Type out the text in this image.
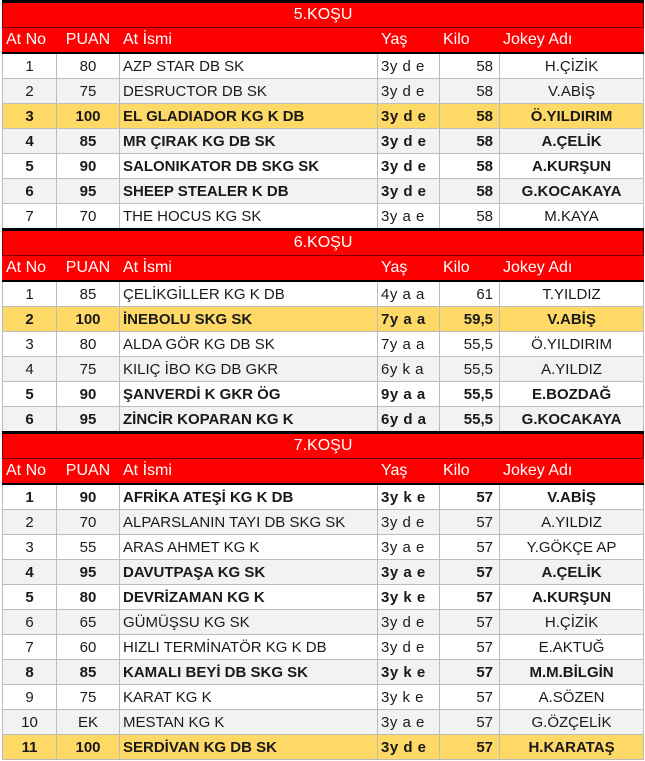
5.KOŞU					
At No	PUAN	At İsmi	Yaş	Kilo	Jokey Adı
1	80	AZP STAR DB SK	3y d e	58	H.ÇİZİK
2	75	DESRUCTOR DB SK	3y d e	58	V.ABİŞ
3	100	EL GLADIADOR KG K DB	3y d e	58	Ö.YILDIRIM
4	85	MR ÇIRAK KG DB SK	3y d e	58	A.ÇELİK
5	90	SALONIKATOR DB SKG SK	3y d e	58	A.KURŞUN
6	95	SHEEP STEALER K DB	3y d e	58	G.KOCAKAYA
7	70	THE HOCUS KG SK	3y a e	58	M.KAYA
6.KOŞU					
At No	PUAN	At İsmi	Yaş	Kilo	Jokey Adı
1	85	ÇELİKGİLLER KG K DB	4y a a	61	T.YILDIZ
2	100	İNEBOLU SKG SK	7y a a	59,5	V.ABİŞ
3	80	ALDA GÖR KG DB SK	7y a a	55,5	Ö.YILDIRIM
4	75	KILIÇ İBO KG DB GKR	6y k a	55,5	A.YILDIZ
5	90	ŞANVERDİ K GKR ÖG	9y a a	55,5	E.BOZDAĞ
6	95	ZİNCİR KOPARAN KG K	6y d a	55,5	G.KOCAKAYA
7.KOŞU					
At No	PUAN	At İsmi	Yaş	Kilo	Jokey Adı
1	90	AFRİKA ATEŞİ KG K DB	3y k e	57	V.ABİŞ
2	70	ALPARSLANIN TAYI DB SKG SK	3y d e	57	A.YILDIZ
3	55	ARAS AHMET KG K	3y a e	57	Y.GÖKÇE AP
4	95	DAVUTPAŞA KG SK	3y a e	57	A.ÇELİK
5	80	DEVRİZAMAN KG K	3y k e	57	A.KURŞUN
6	65	GÜMÜŞSU KG SK	3y d e	57	H.ÇİZİK
7	60	HIZLI TERMİNATÖR KG K DB	3y d e	57	E.AKTUĞ
8	85	KAMALI BEYİ DB SKG SK	3y k e	57	M.M.BİLGİN
9	75	KARAT KG K	3y k e	57	A.SÖZEN
10	EK	MESTAN KG K	3y a e	57	G.ÖZÇELİK
11	100	SERDİVAN KG DB SK	3y d e	57	H.KARATAŞ
